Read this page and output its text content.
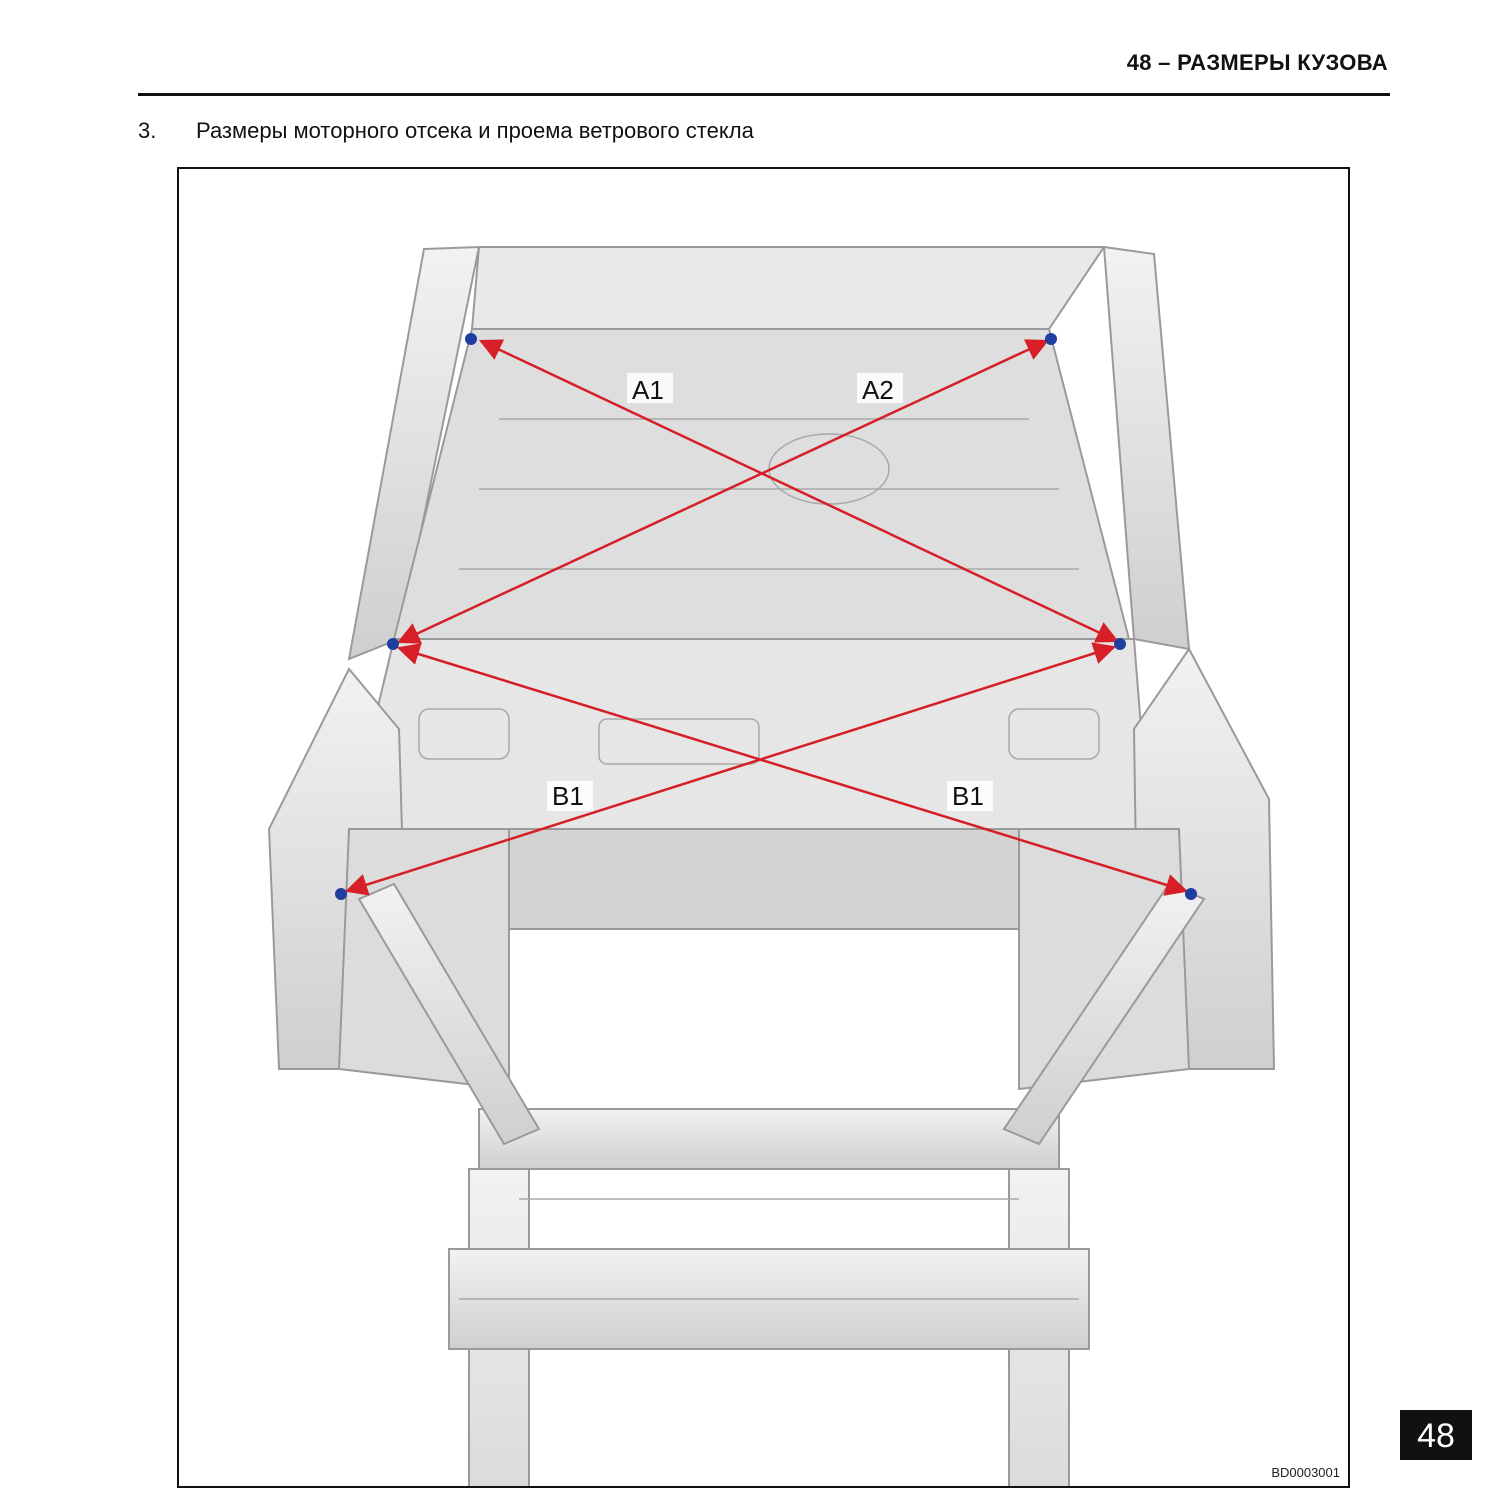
48 – РАЗМЕРЫ КУЗОВА
3. Размеры моторного отсека и проема ветрового стекла
A1	A2
B1	B1
BD0003001
48
